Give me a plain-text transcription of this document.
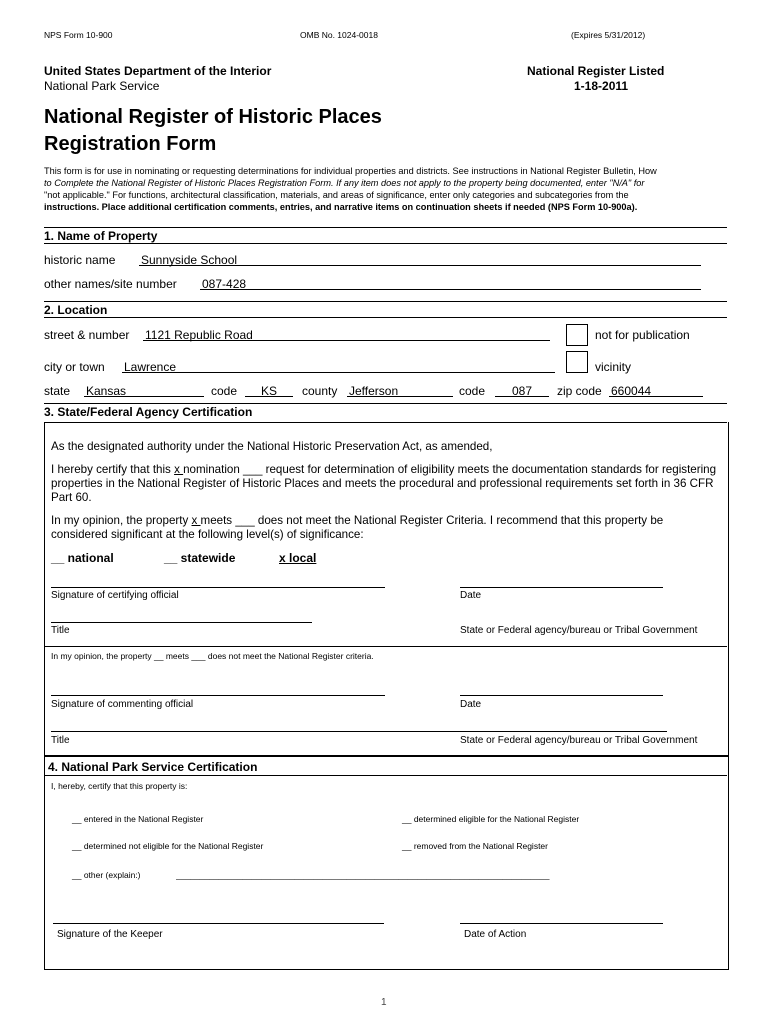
NPS Form 10-900	OMB No. 1024-0018	(Expires 5/31/2012)
United States Department of the Interior
National Park Service
National Register Listed
1-18-2011
National Register of Historic Places
Registration Form
This form is for use in nominating or requesting determinations for individual properties and districts. See instructions in National Register Bulletin, How
to Complete the National Register of Historic Places Registration Form. If any item does not apply to the property being documented, enter "N/A" for
"not applicable." For functions, architectural classification, materials, and areas of significance, enter only categories and subcategories from the
instructions. Place additional certification comments, entries, and narrative items on continuation sheets if needed (NPS Form 10-900a).
1. Name of Property
historic name Sunnyside School
other names/site number 087-428
2. Location
street & number 1121 Republic Road	not for publication
city or town Lawrence	vicinity
state Kansas	code	KS	county Jefferson	code	087	zip code 660044
3. State/Federal Agency Certification
As the designated authority under the National Historic Preservation Act, as amended,
I hereby certify that this x nomination ___ request for determination of eligibility meets the documentation standards for registering properties in the National Register of Historic Places and meets the procedural and professional requirements set forth in 36 CFR Part 60.
In my opinion, the property x meets ___ does not meet the National Register Criteria. I recommend that this property be considered significant at the following level(s) of significance:
__ national	__ statewide	x local
Signature of certifying official	Date
Title	State or Federal agency/bureau or Tribal Government
In my opinion, the property __ meets ___ does not meet the National Register criteria.
Signature of commenting official	Date
Title	State or Federal agency/bureau or Tribal Government
4. National Park Service Certification
I, hereby, certify that this property is:
__ entered in the National Register	__ determined eligible for the National Register
__ determined not eligible for the National Register	__ removed from the National Register
__ other (explain:)	_______________________________________________________________________________
Signature of the Keeper	Date of Action
1
